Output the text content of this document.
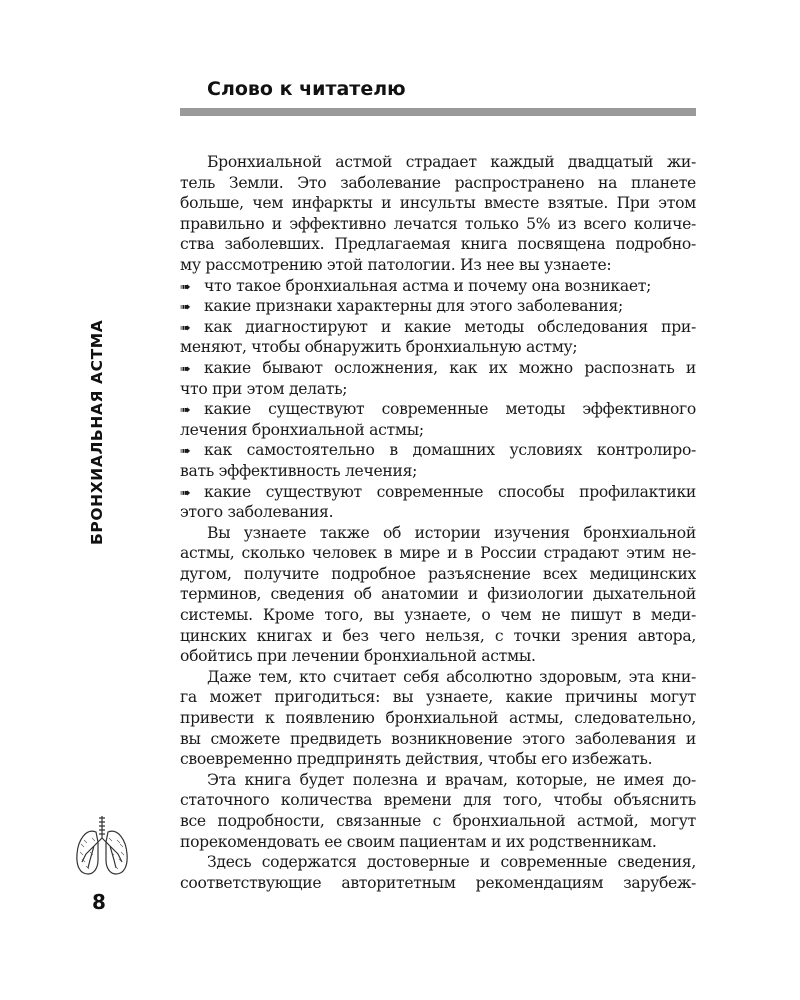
Слово к читателю
БРОНХИАЛЬНАЯ АСТМА
8
Бронхиальной астмой страдает каждый двадцатый жи-
тель Земли. Это заболевание распространено на планете
больше, чем инфаркты и инсульты вместе взятые. При этом
правильно и эффективно лечатся только 5% из всего количе-
ства заболевших. Предлагаемая книга посвящена подробно-
му рассмотрению этой патологии. Из нее вы узнаете:
➠ что такое бронхиальная астма и почему она возникает;
➠ какие признаки характерны для этого заболевания;
➠ как диагностируют и какие методы обследования при-
меняют, чтобы обнаружить бронхиальную астму;
➠ какие бывают осложнения, как их можно распознать и
что при этом делать;
➠ какие существуют современные методы эффективного
лечения бронхиальной астмы;
➠ как самостоятельно в домашних условиях контролиро-
вать эффективность лечения;
➠ какие существуют современные способы профилактики
этого заболевания.
Вы узнаете также об истории изучения бронхиальной
астмы, сколько человек в мире и в России страдают этим не-
дугом, получите подробное разъяснение всех медицинских
терминов, сведения об анатомии и физиологии дыхательной
системы. Кроме того, вы узнаете, о чем не пишут в меди-
цинских книгах и без чего нельзя, с точки зрения автора,
обойтись при лечении бронхиальной астмы.
Даже тем, кто считает себя абсолютно здоровым, эта кни-
га может пригодиться: вы узнаете, какие причины могут
привести к появлению бронхиальной астмы, следовательно,
вы сможете предвидеть возникновение этого заболевания и
своевременно предпринять действия, чтобы его избежать.
Эта книга будет полезна и врачам, которые, не имея до-
статочного количества времени для того, чтобы объяснить
все подробности, связанные с бронхиальной астмой, могут
порекомендовать ее своим пациентам и их родственникам.
Здесь содержатся достоверные и современные сведения,
соответствующие авторитетным рекомендациям зарубеж-
